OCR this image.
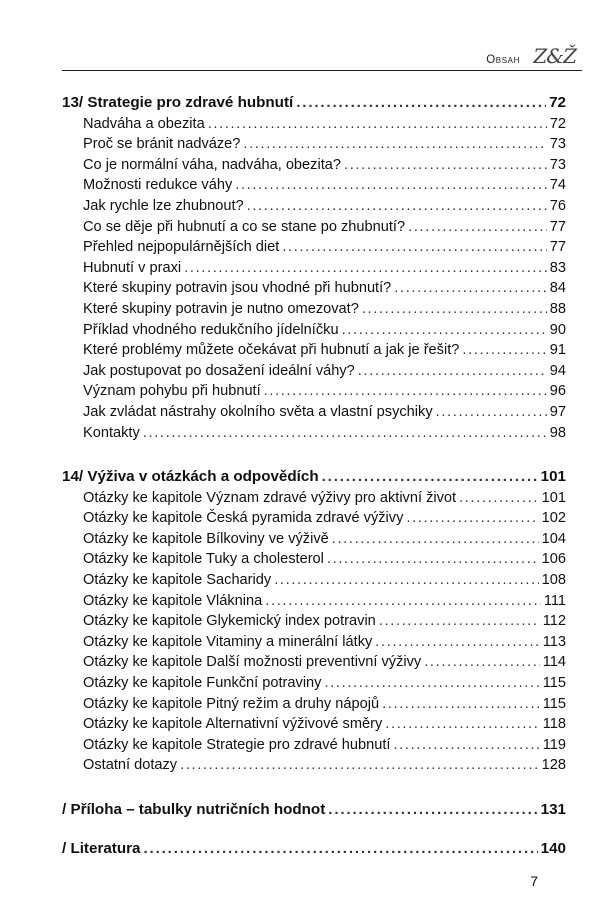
Obsah Z&Ž
13/ Strategie pro zdravé hubnutí . . .	72
Nadváha a obezita . . .	72
Proč se bránit nadváze? . . .	73
Co je normální váha, nadváha, obezita? . . .	73
Možnosti redukce váhy . . .	74
Jak rychle lze zhubnout? . . .	76
Co se děje při hubnutí a co se stane po zhubnutí? . . .	77
Přehled nejpopulárnějších diet . . .	77
Hubnutí v praxi . . .	83
Které skupiny potravin jsou vhodné při hubnutí? . . .	84
Které skupiny potravin je nutno omezovat? . . .	88
Příklad vhodného redukčního jídelníčku . . .	90
Které problémy můžete očekávat při hubnutí a jak je řešit? . . .	91
Jak postupovat po dosažení ideální váhy? . . .	94
Význam pohybu při hubnutí . . .	96
Jak zvládat nástrahy okolního světa a vlastní psychiky . . .	97
Kontakty . . .	98
14/ Výživa v otázkách a odpovědích . . .	101
Otázky ke kapitole Význam zdravé výživy pro aktivní život . . .	101
Otázky ke kapitole Česká pyramida zdravé výživy . . .	102
Otázky ke kapitole Bílkoviny ve výživě . . .	104
Otázky ke kapitole Tuky a cholesterol . . .	106
Otázky ke kapitole Sacharidy . . .	108
Otázky ke kapitole Vláknina . . .	111
Otázky ke kapitole Glykemický index potravin . . .	112
Otázky ke kapitole Vitaminy a minerální látky . . .	113
Otázky ke kapitole Další možnosti preventivní výživy . . .	114
Otázky ke kapitole Funkční potraviny . . .	115
Otázky ke kapitole Pitný režim a druhy nápojů . . .	115
Otázky ke kapitole Alternativní výživové směry . . .	118
Otázky ke kapitole Strategie pro zdravé hubnutí . . .	119
Ostatní dotazy . . .	128
/ Příloha – tabulky nutričních hodnot . . .	131
/ Literatura . . .	140
7
